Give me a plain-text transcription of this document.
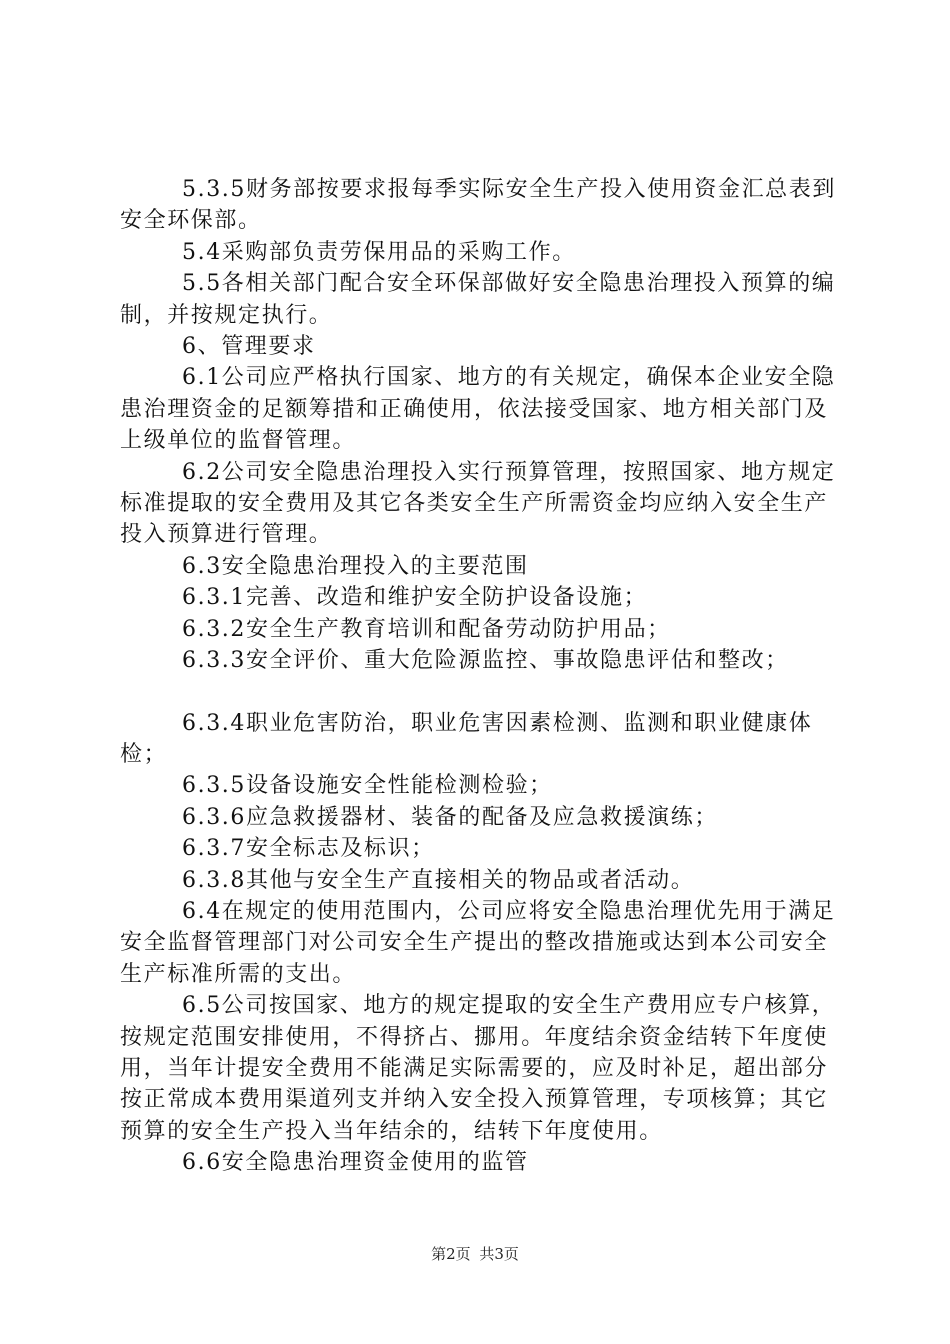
5.3.5财务部按要求报每季实际安全生产投入使用资金汇总表到安全环保部。

5.4采购部负责劳保用品的采购工作。

5.5各相关部门配合安全环保部做好安全隐患治理投入预算的编制，并按规定执行。

6、管理要求

6.1公司应严格执行国家、地方的有关规定，确保本企业安全隐患治理资金的足额筹措和正确使用，依法接受国家、地方相关部门及上级单位的监督管理。

6.2公司安全隐患治理投入实行预算管理，按照国家、地方规定标准提取的安全费用及其它各类安全生产所需资金均应纳入安全生产投入预算进行管理。

6.3安全隐患治理投入的主要范围

6.3.1完善、改造和维护安全防护设备设施；

6.3.2安全生产教育培训和配备劳动防护用品；

6.3.3安全评价、重大危险源监控、事故隐患评估和整改；

6.3.4职业危害防治，职业危害因素检测、监测和职业健康体检；

6.3.5设备设施安全性能检测检验；

6.3.6应急救援器材、装备的配备及应急救援演练；

6.3.7安全标志及标识；

6.3.8其他与安全生产直接相关的物品或者活动。

6.4在规定的使用范围内，公司应将安全隐患治理优先用于满足安全监督管理部门对公司安全生产提出的整改措施或达到本公司安全生产标准所需的支出。

6.5公司按国家、地方的规定提取的安全生产费用应专户核算，按规定范围安排使用，不得挤占、挪用。年度结余资金结转下年度使用，当年计提安全费用不能满足实际需要的，应及时补足，超出部分按正常成本费用渠道列支并纳入安全投入预算管理，专项核算；其它预算的安全生产投入当年结余的，结转下年度使用。

6.6安全隐患治理资金使用的监管

第2页 共3页
